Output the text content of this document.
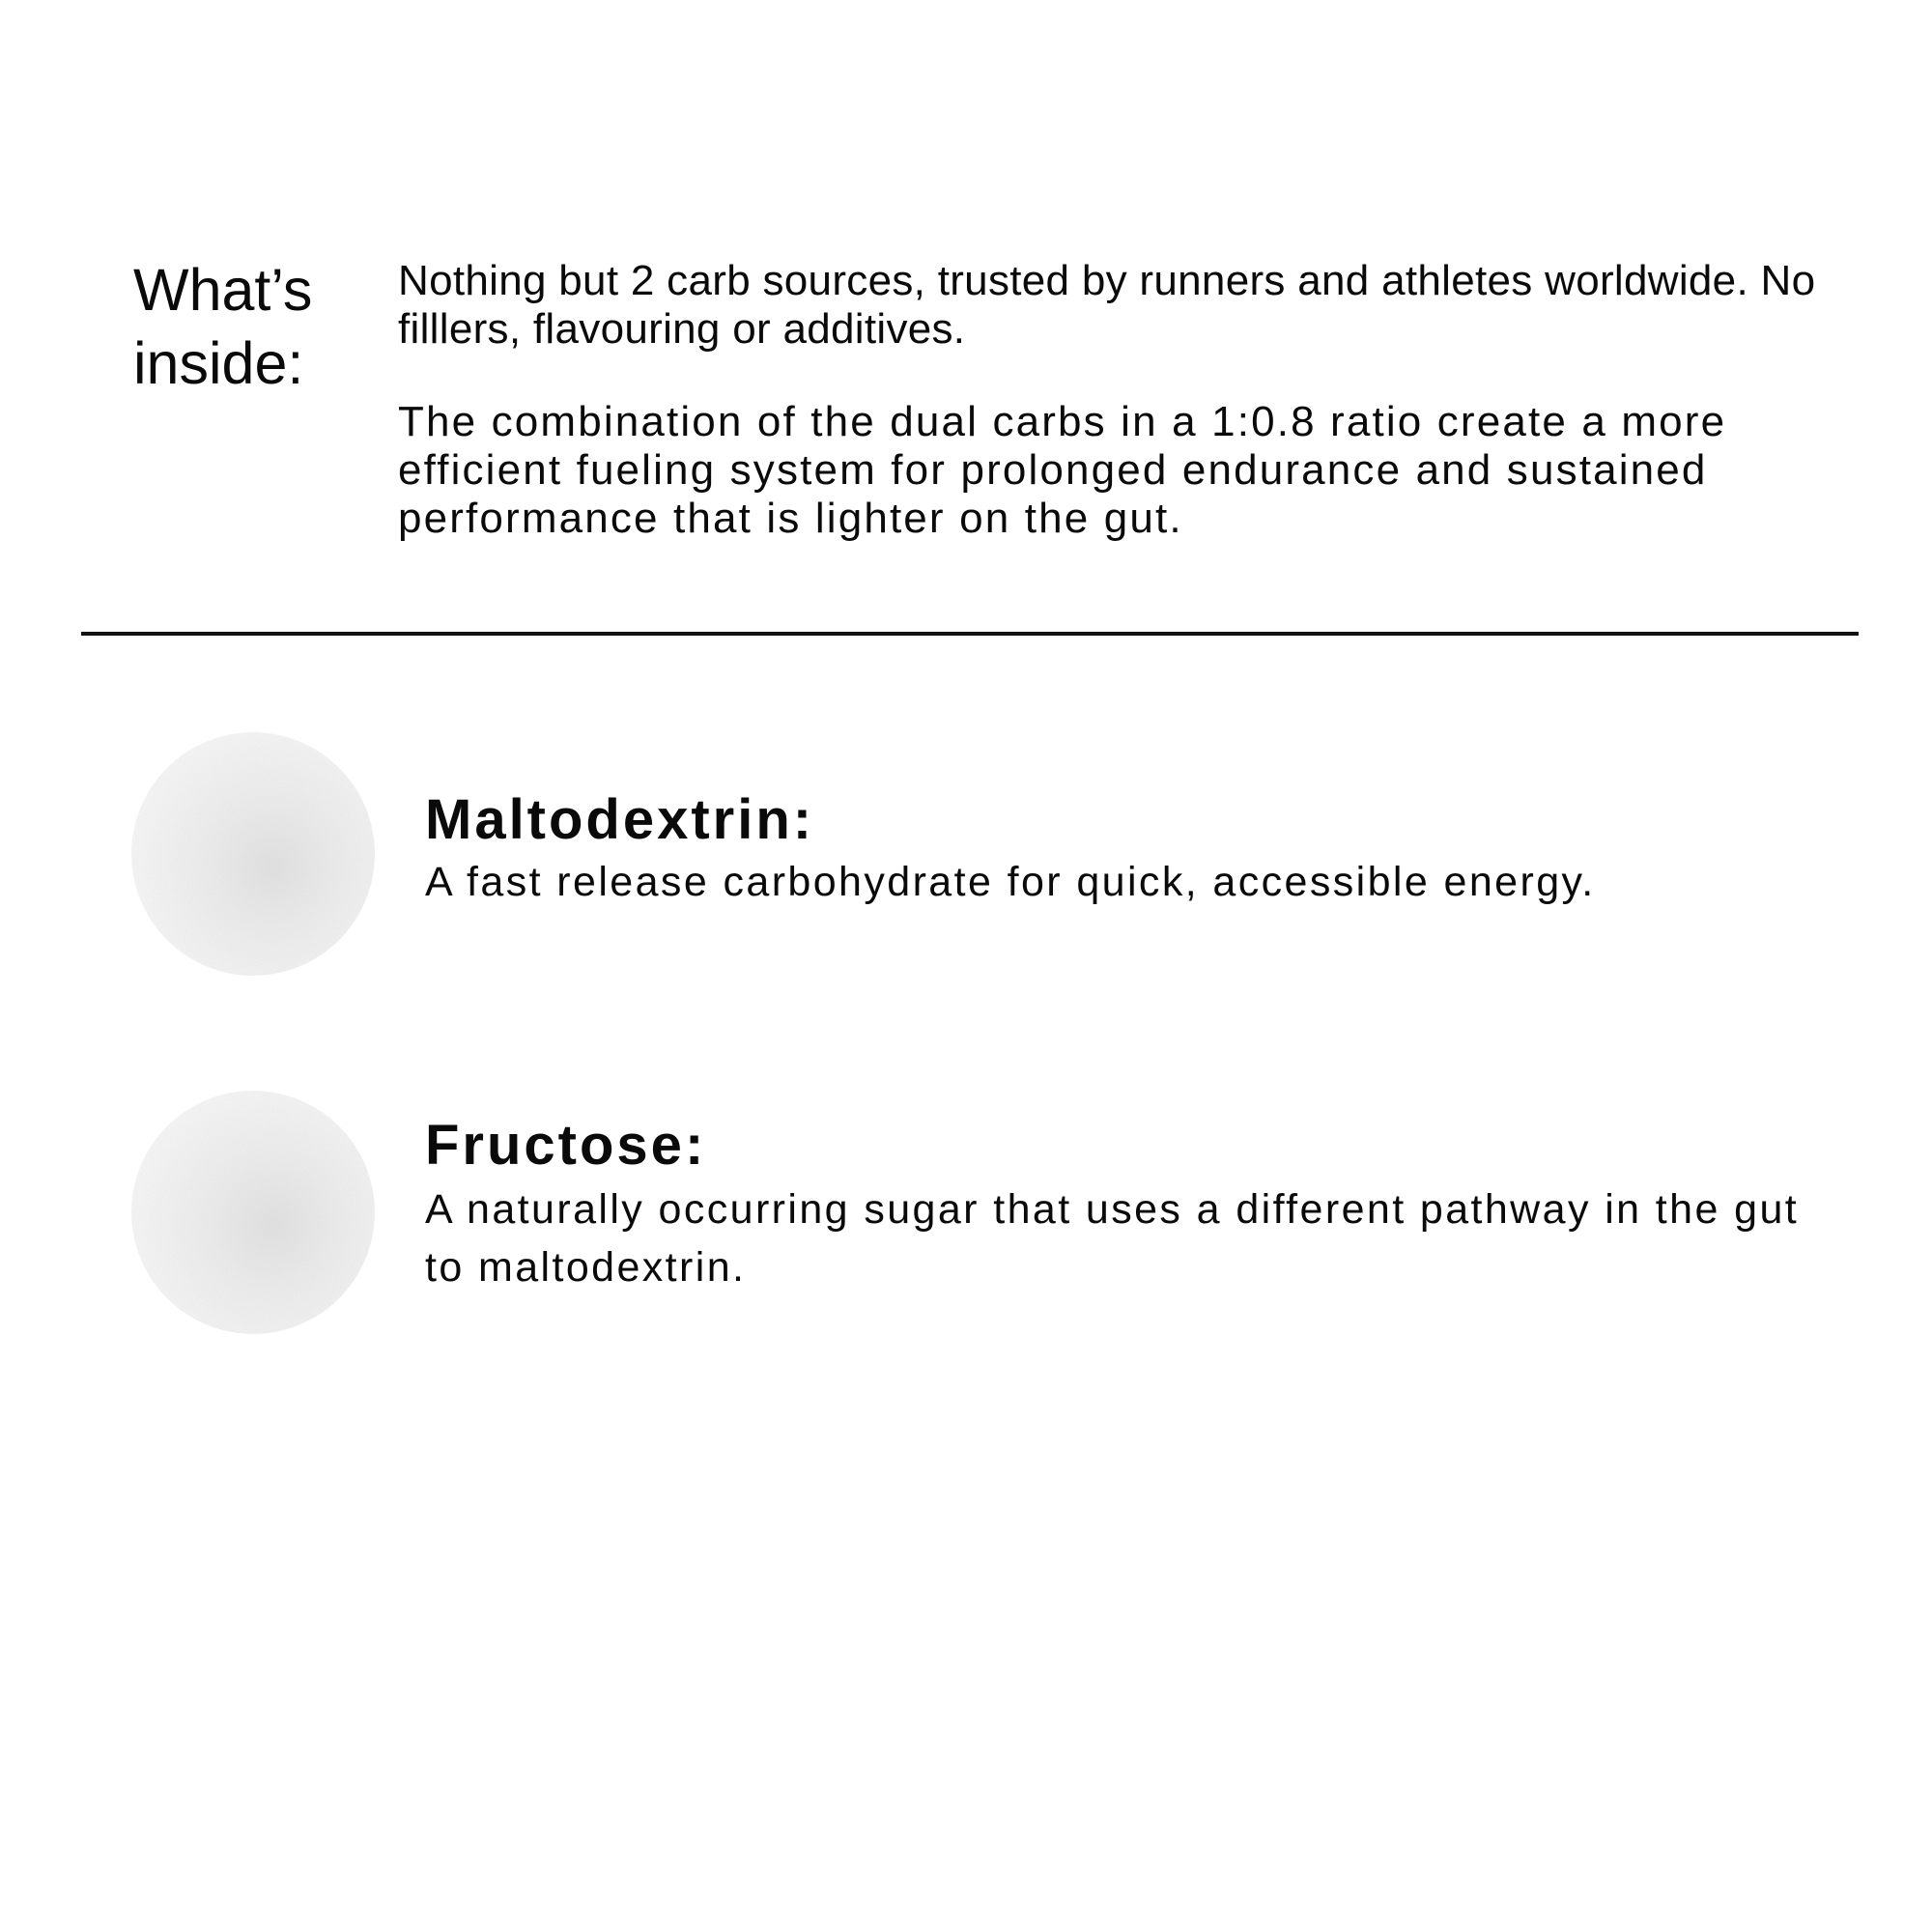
What’s
inside:

Nothing but 2 carb sources, trusted by runners and athletes worldwide. No filllers, flavouring or additives.

The combination of the dual carbs in a 1:0.8 ratio create a more efficient fueling system for prolonged endurance and sustained performance that is lighter on the gut.

Maltodextrin:

A fast release carbohydrate for quick, accessible energy.

Fructose:

A naturally occurring sugar that uses a different pathway in the gut to maltodextrin.
